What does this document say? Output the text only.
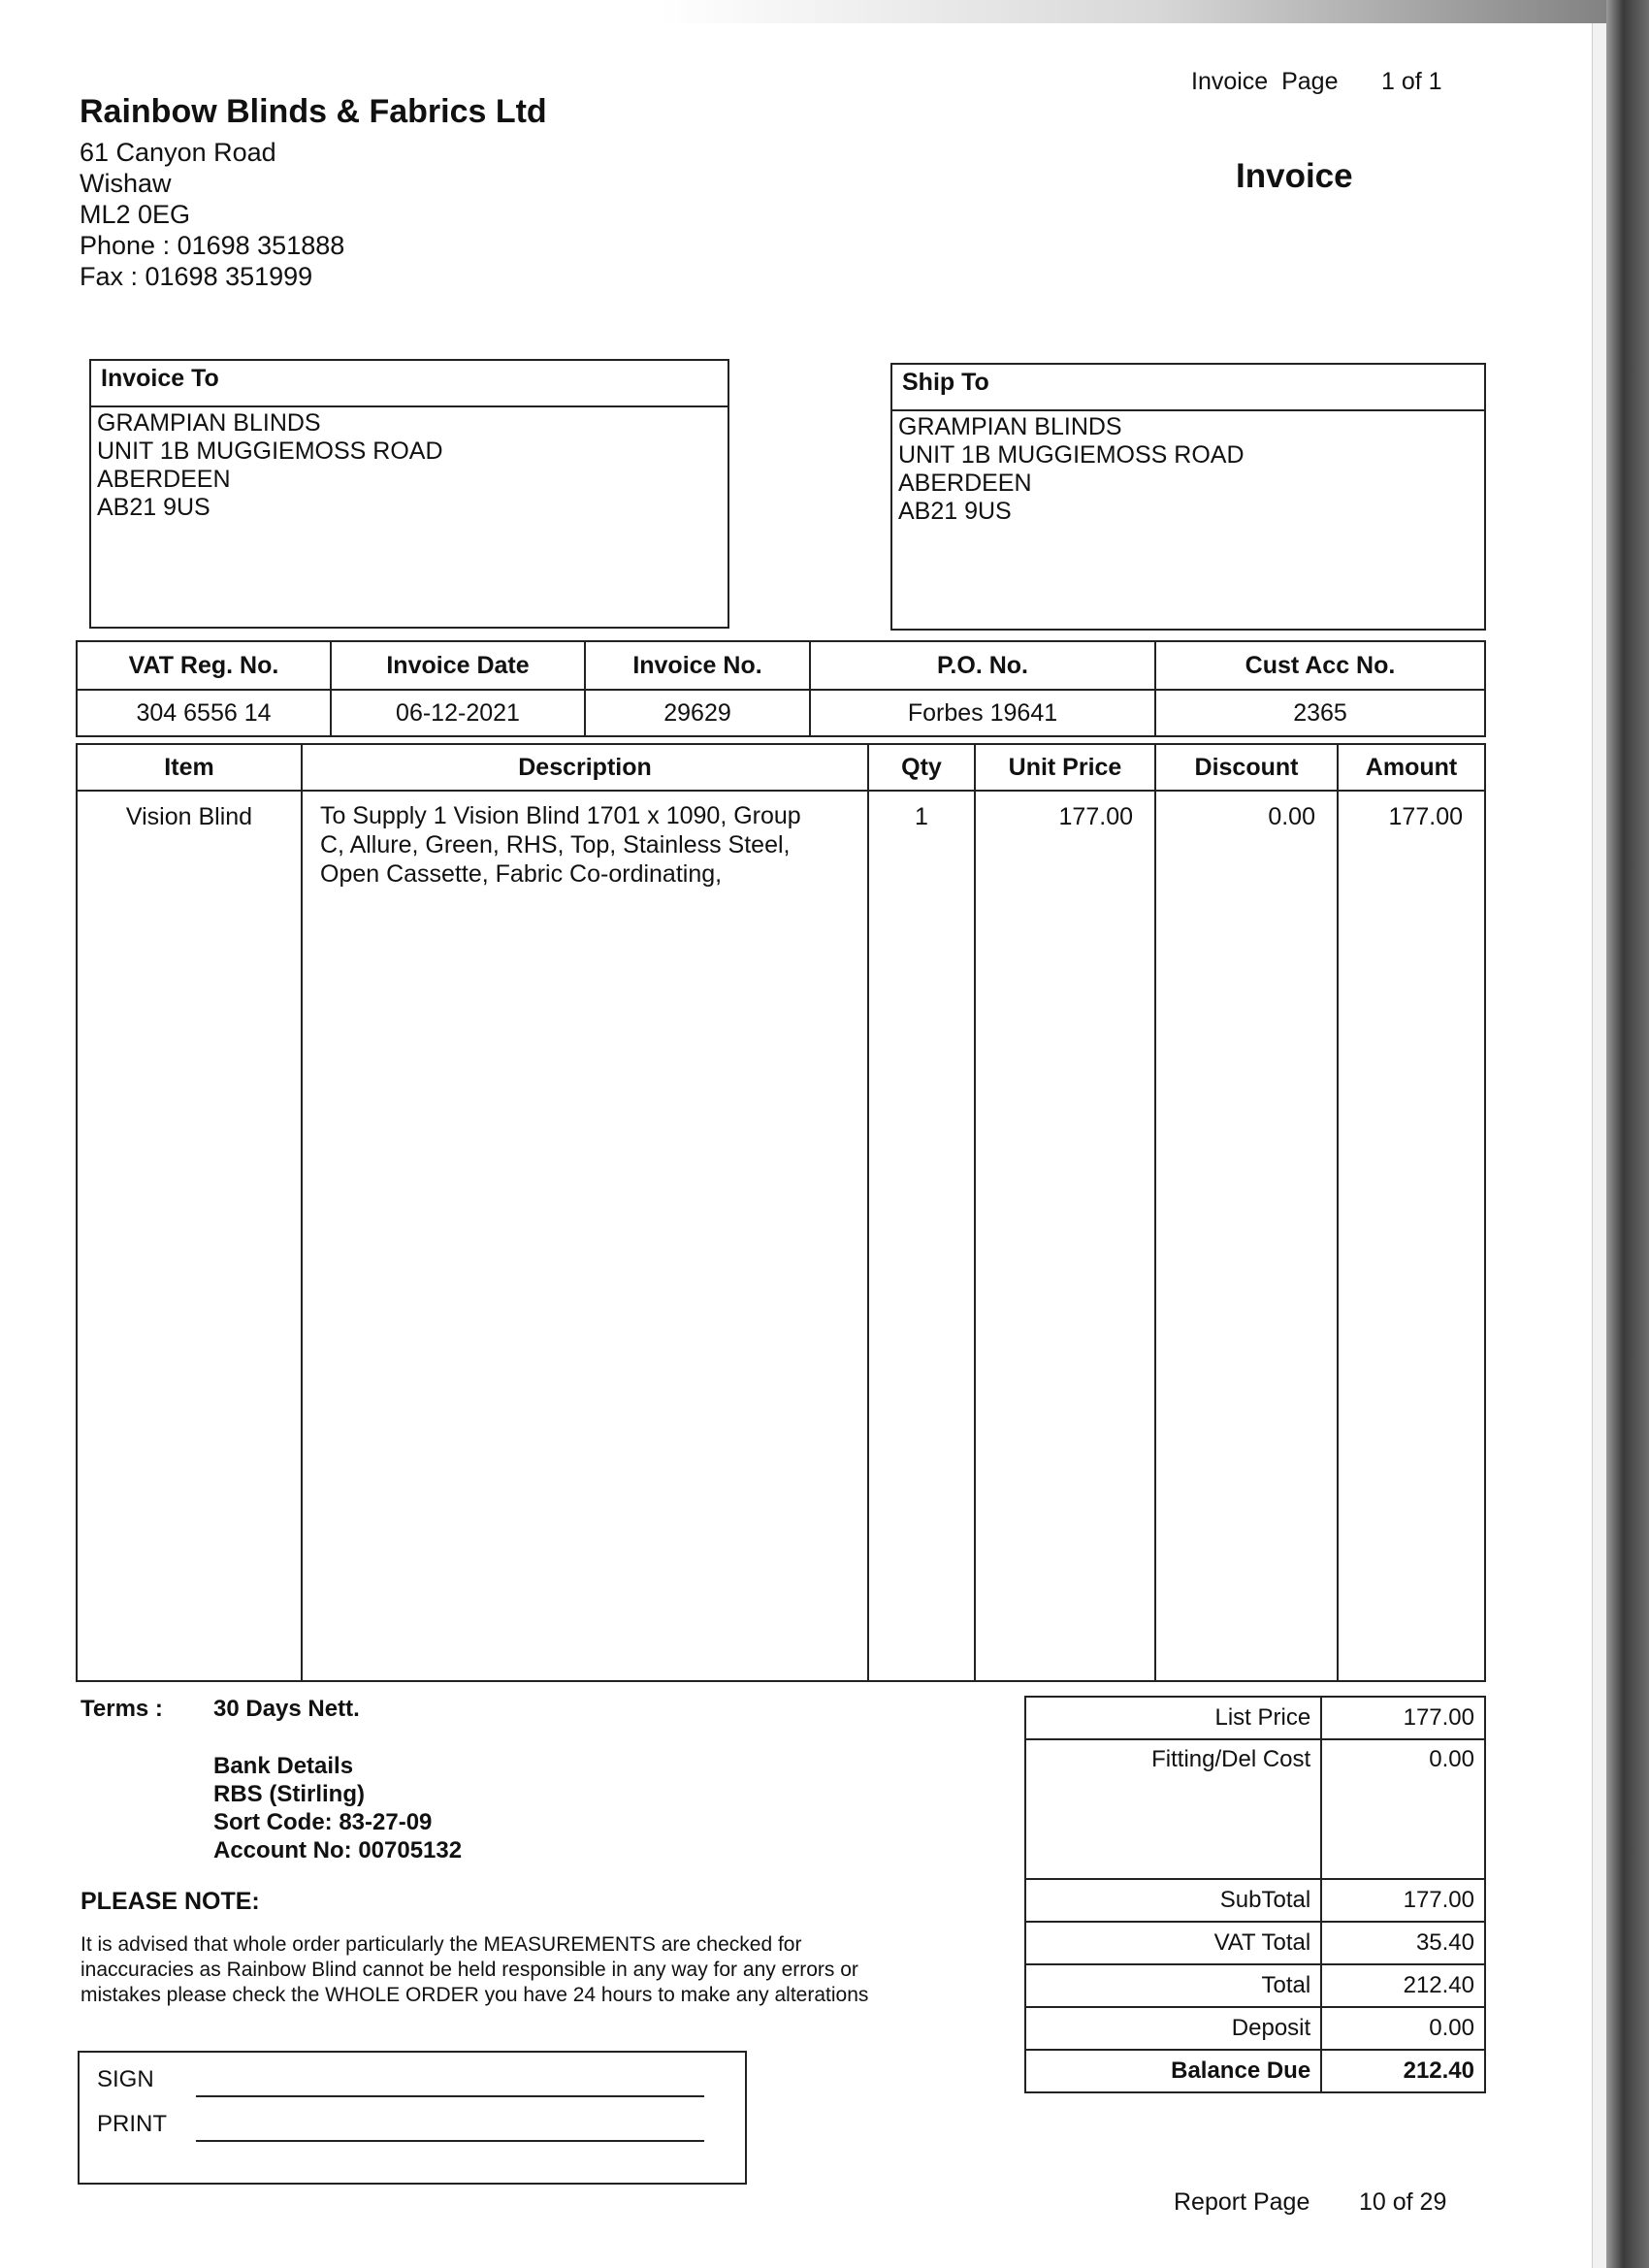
Rainbow Blinds & Fabrics Ltd
61 Canyon Road
Wishaw
ML2 0EG
Phone : 01698 351888
Fax : 01698 351999
Invoice  Page 1 of 1
Invoice
Invoice To
GRAMPIAN BLINDS
UNIT 1B MUGGIEMOSS ROAD
ABERDEEN
AB21 9US
Ship To
GRAMPIAN BLINDS
UNIT 1B MUGGIEMOSS ROAD
ABERDEEN
AB21 9US
VAT Reg. No.	Invoice Date	Invoice No.	P.O. No.	Cust Acc No.
304 6556 14	06-12-2021	29629	Forbes 19641	2365
Item	Description	Qty	Unit Price	Discount	Amount
Vision Blind	To Supply 1 Vision Blind 1701 x 1090, Group
C, Allure, Green, RHS, Top, Stainless Steel,
Open Cassette, Fabric Co-ordinating,	1	177.00	0.00	177.00
Terms : 30 Days Nett.
Bank Details
RBS (Stirling)
Sort Code: 83-27-09
Account No: 00705132
PLEASE NOTE:
It is advised that whole order particularly the MEASUREMENTS are checked for
inaccuracies as Rainbow Blind cannot be held responsible in any way for any errors or
mistakes please check the WHOLE ORDER you have 24 hours to make any alterations
SIGN
PRINT
List Price	177.00
Fitting/Del Cost	0.00
SubTotal	177.00
VAT Total	35.40
Total	212.40
Deposit	0.00
Balance Due	212.40
Report Page 10 of 29
